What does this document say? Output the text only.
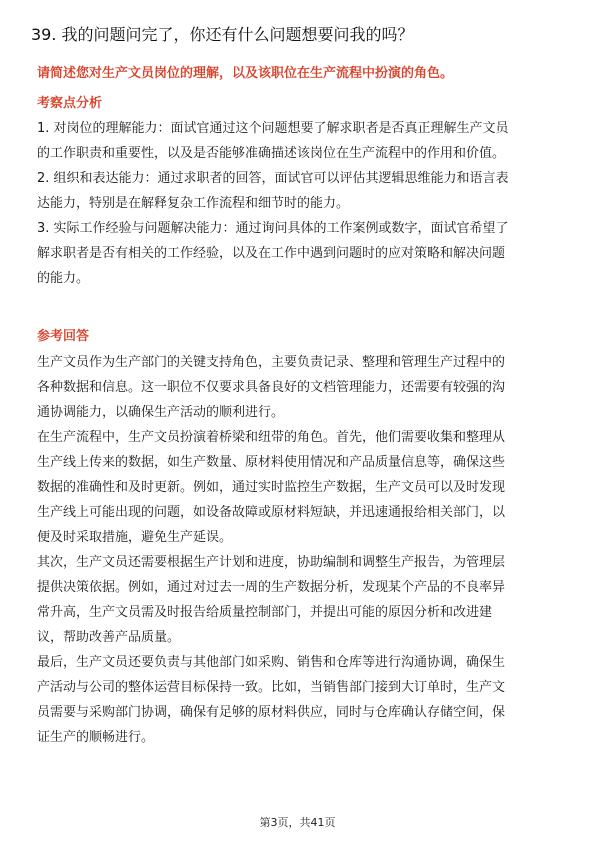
39. 我的问题问完了，你还有什么问题想要问我的吗？
请简述您对生产文员岗位的理解，以及该职位在生产流程中扮演的角色。
考察点分析

1. 对岗位的理解能力：面试官通过这个问题想要了解求职者是否真正理解生产文员
的工作职责和重要性，以及是否能够准确描述该岗位在生产流程中的作用和价值。

2. 组织和表达能力：通过求职者的回答，面试官可以评估其逻辑思维能力和语言表
达能力，特别是在解释复杂工作流程和细节时的能力。

3. 实际工作经验与问题解决能力：通过询问具体的工作案例或数字，面试官希望了
解求职者是否有相关的工作经验，以及在工作中遇到问题时的应对策略和解决问题
的能力。

参考回答

生产文员作为生产部门的关键支持角色，主要负责记录、整理和管理生产过程中的
各种数据和信息。这一职位不仅要求具备良好的文档管理能力，还需要有较强的沟
通协调能力，以确保生产活动的顺利进行。

在生产流程中，生产文员扮演着桥梁和纽带的角色。首先，他们需要收集和整理从
生产线上传来的数据，如生产数量、原材料使用情况和产品质量信息等，确保这些
数据的准确性和及时更新。例如，通过实时监控生产数据，生产文员可以及时发现
生产线上可能出现的问题，如设备故障或原材料短缺，并迅速通报给相关部门，以
便及时采取措施，避免生产延误。

其次，生产文员还需要根据生产计划和进度，协助编制和调整生产报告，为管理层
提供决策依据。例如，通过对过去一周的生产数据分析，发现某个产品的不良率异
常升高，生产文员需及时报告给质量控制部门，并提出可能的原因分析和改进建
议，帮助改善产品质量。

最后，生产文员还要负责与其他部门如采购、销售和仓库等进行沟通协调，确保生
产活动与公司的整体运营目标保持一致。比如，当销售部门接到大订单时，生产文
员需要与采购部门协调，确保有足够的原材料供应，同时与仓库确认存储空间，保
证生产的顺畅进行。

第3页，共41页
